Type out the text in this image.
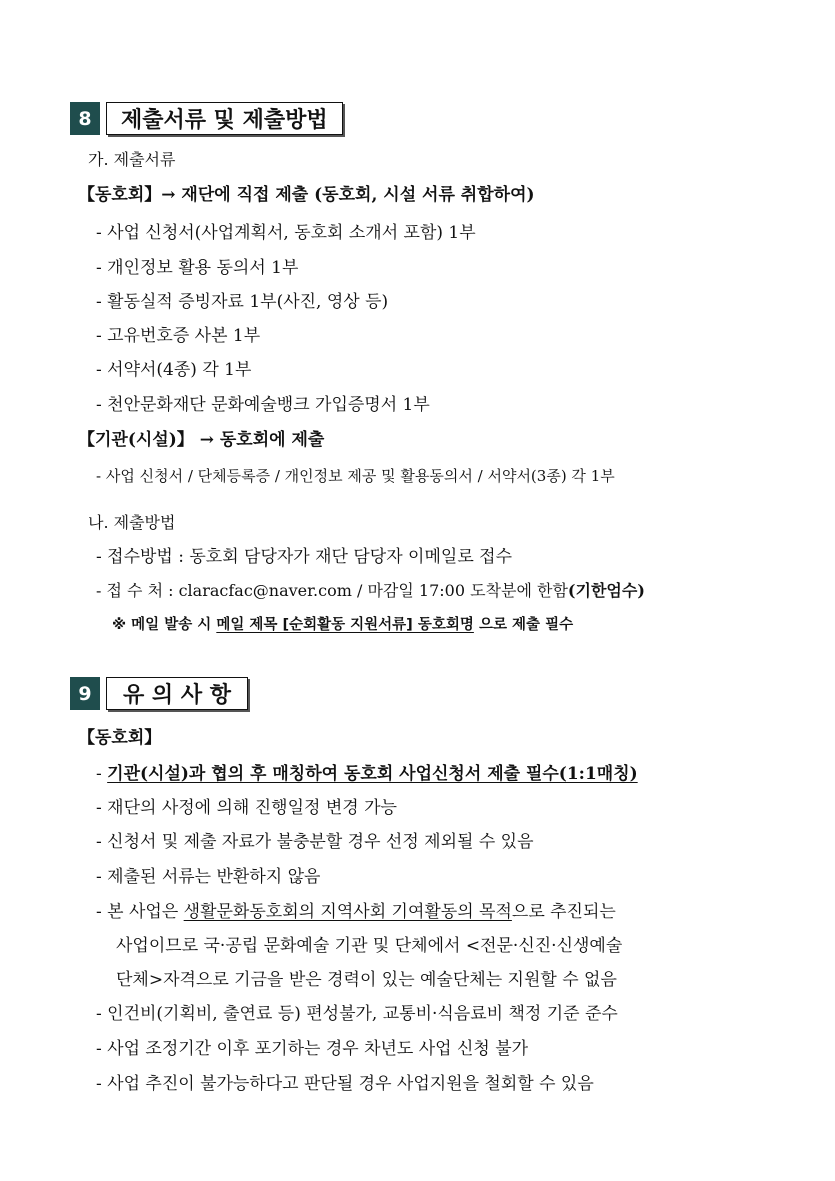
8	제출서류 및 제출방법
가. 제출서류
【동호회】→ 재단에 직접 제출 (동호회, 시설 서류 취합하여)
- 사업 신청서(사업계획서, 동호회 소개서 포함) 1부
- 개인정보 활용 동의서 1부
- 활동실적 증빙자료 1부(사진, 영상 등)
- 고유번호증 사본 1부
- 서약서(4종) 각 1부
- 천안문화재단 문화예술뱅크 가입증명서 1부
【기관(시설)】 → 동호회에 제출
- 사업 신청서 / 단체등록증 / 개인정보 제공 및 활용동의서 / 서약서(3종) 각 1부
나. 제출방법
- 접수방법 : 동호회 담당자가 재단 담당자 이메일로 접수
- 접 수 처 : claracfac@naver.com / 마감일 17:00 도착분에 한함(기한엄수)
※ 메일 발송 시 메일 제목 [순회활동 지원서류] 동호회명 으로 제출 필수
9	유 의 사 항
【동호회】
- 기관(시설)과 협의 후 매칭하여 동호회 사업신청서 제출 필수(1:1매칭)
- 재단의 사정에 의해 진행일정 변경 가능
- 신청서 및 제출 자료가 불충분할 경우 선정 제외될 수 있음
- 제출된 서류는 반환하지 않음
- 본 사업은 생활문화동호회의 지역사회 기여활동의 목적으로 추진되는
사업이므로 국·공립 문화예술 기관 및 단체에서 <전문·신진·신생예술
단체>자격으로 기금을 받은 경력이 있는 예술단체는 지원할 수 없음
- 인건비(기획비, 출연료 등) 편성불가, 교통비·식음료비 책정 기준 준수
- 사업 조정기간 이후 포기하는 경우 차년도 사업 신청 불가
- 사업 추진이 불가능하다고 판단될 경우 사업지원을 철회할 수 있음
